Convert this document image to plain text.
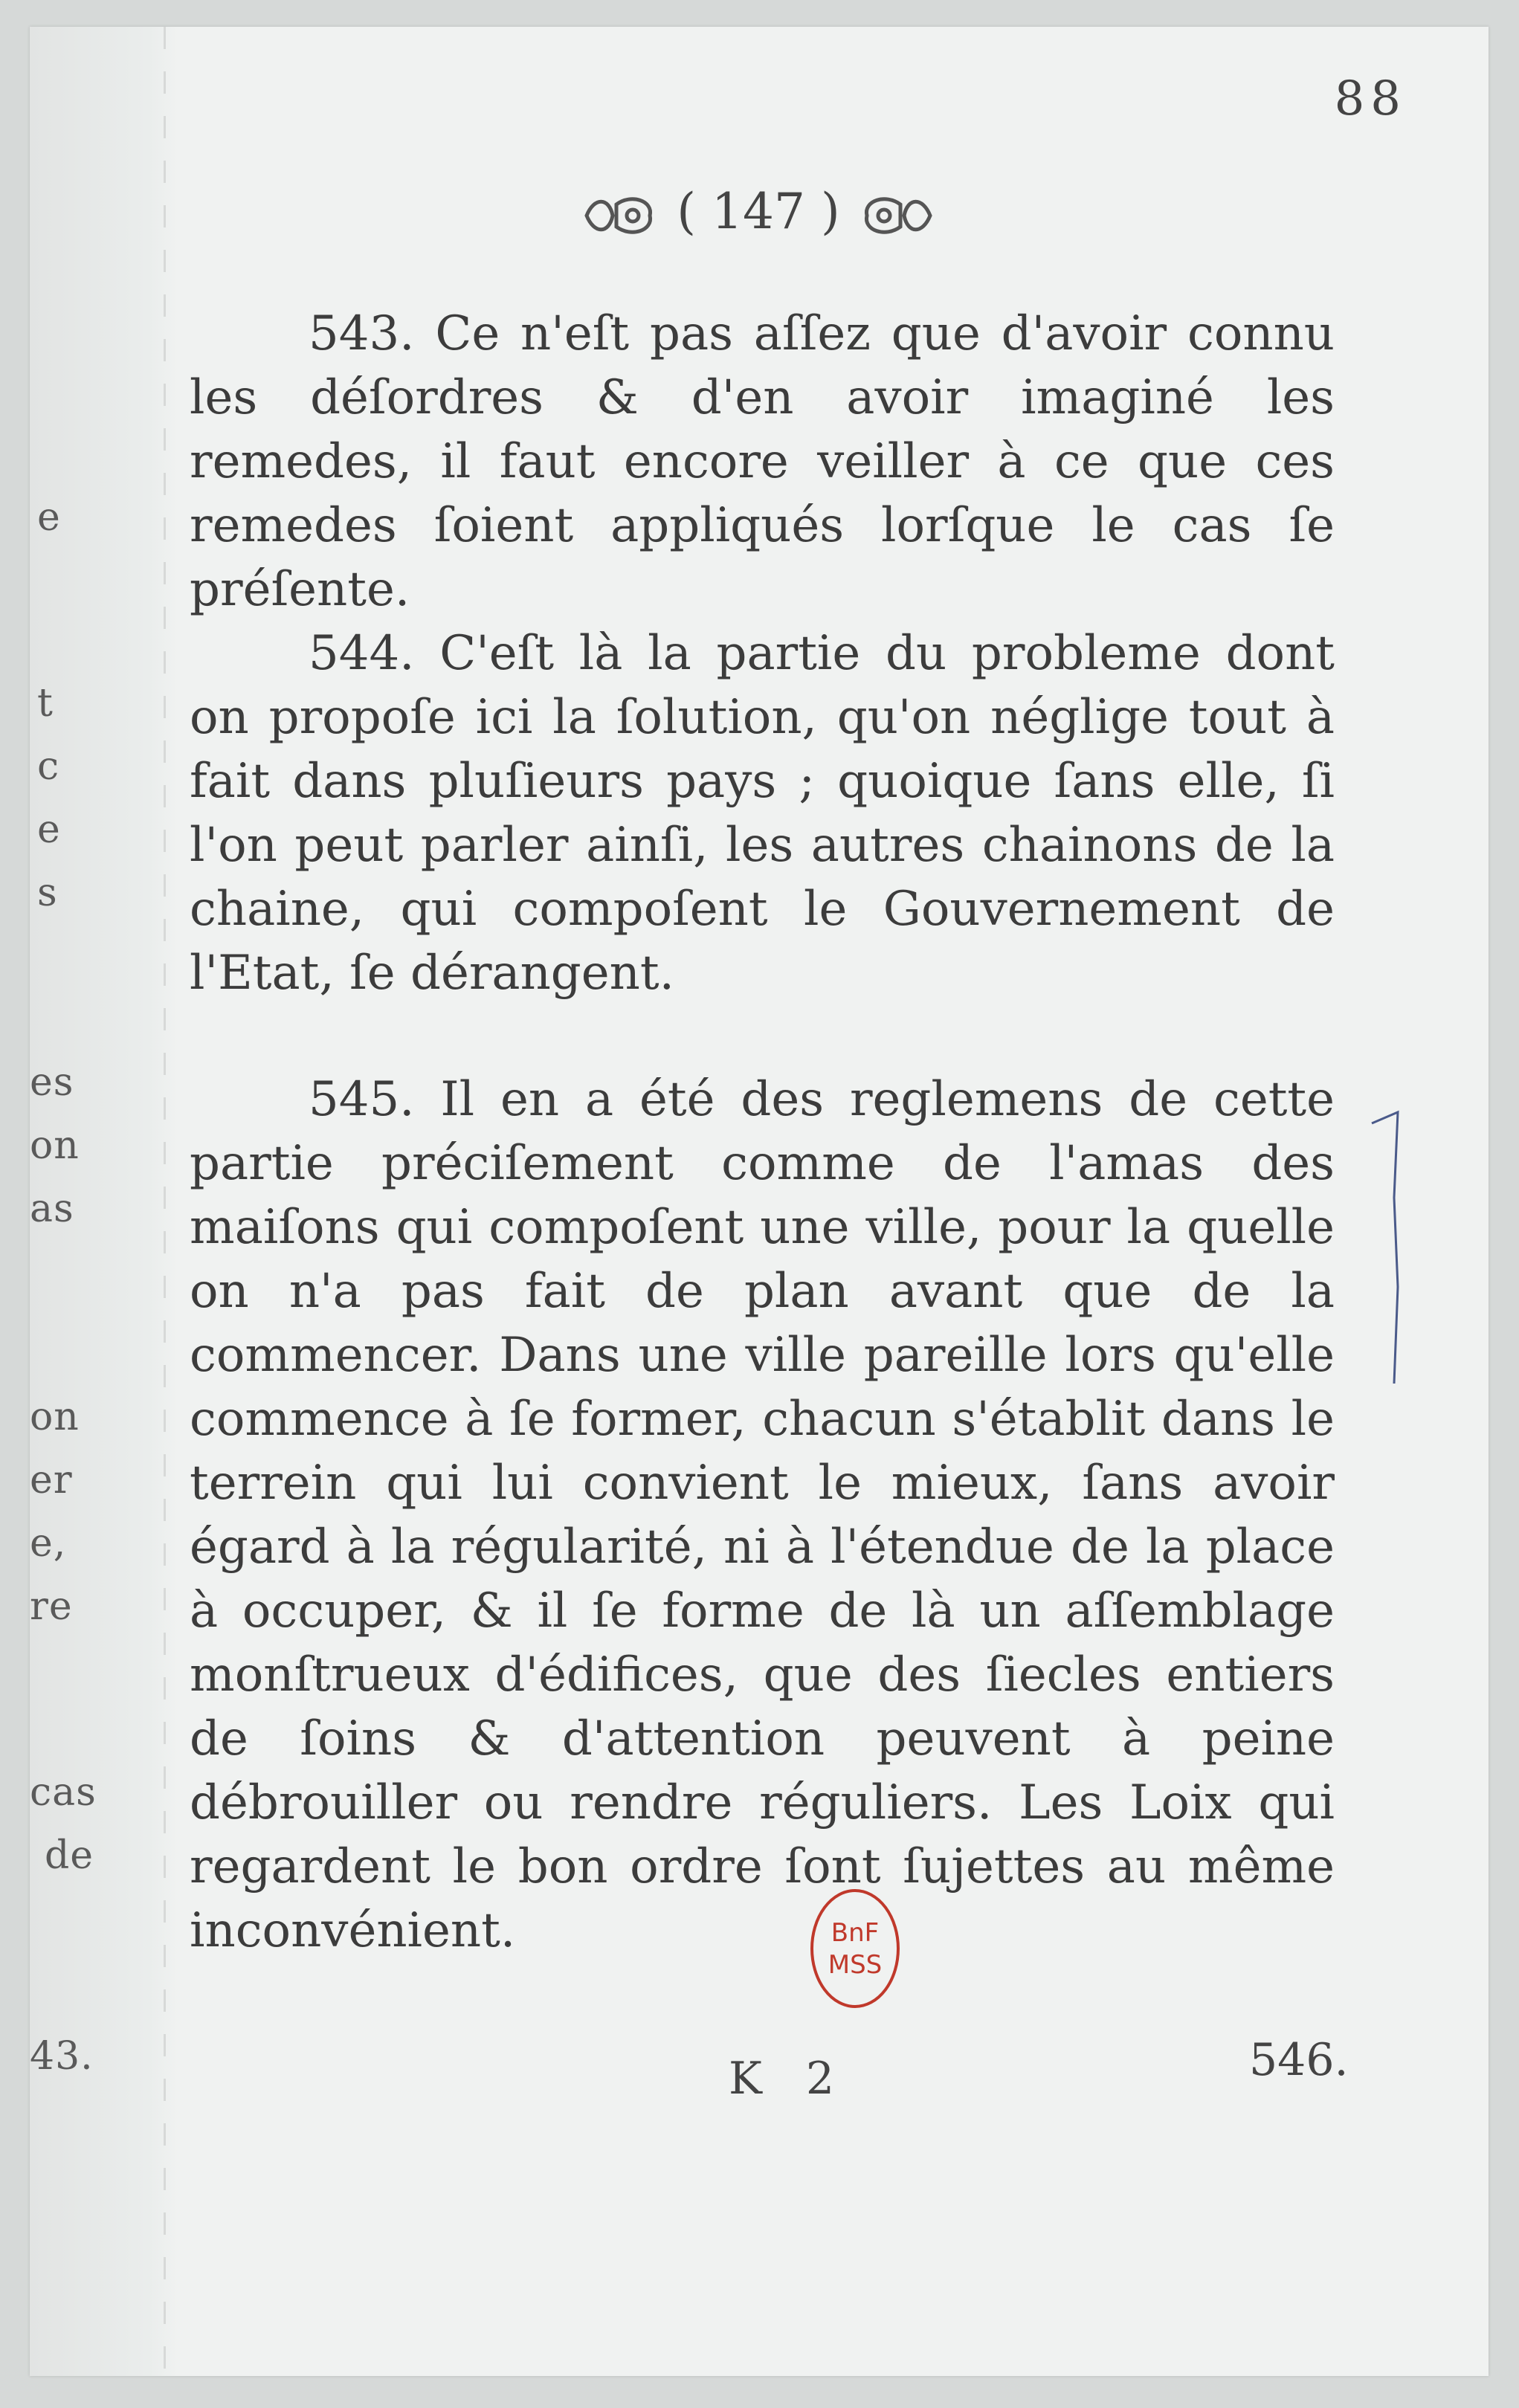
e
t
c
e
s
es
on
as
on
er
e,
re
cas
de
43.
88
( 147 )

543. Ce n'eſt pas aſſez que d'avoir connu les déſordres & d'en avoir imaginé les remedes, il faut encore veiller à ce que ces remedes ſoient appliqués lorſque le cas ſe préſente.

544. C'eſt là la partie du probleme dont on propoſe ici la ſolution, qu'on néglige tout à fait dans pluſieurs pays ; quoique ſans elle, ſi l'on peut parler ainſi, les autres chainons de la chaine, qui compoſent le Gouvernement de l'Etat, ſe dérangent.

545. Il en a été des reglemens de cette partie préciſement comme de l'amas des maiſons qui compoſent une ville, pour la quelle on n'a pas fait de plan avant que de la commencer. Dans une ville pareille lors qu'elle commence à ſe former, chacun s'établit dans le terrein qui lui convient le mieux, ſans avoir égard à la régularité, ni à l'étendue de la place à occuper, & il ſe forme de là un aſſemblage monſtrueux d'édifices, que des ſiecles entiers de ſoins & d'attention peuvent à peine débrouiller ou rendre réguliers. Les Loix qui regardent le bon ordre ſont ſujettes au même inconvénient.	BnF
MSS
K 2	546.
